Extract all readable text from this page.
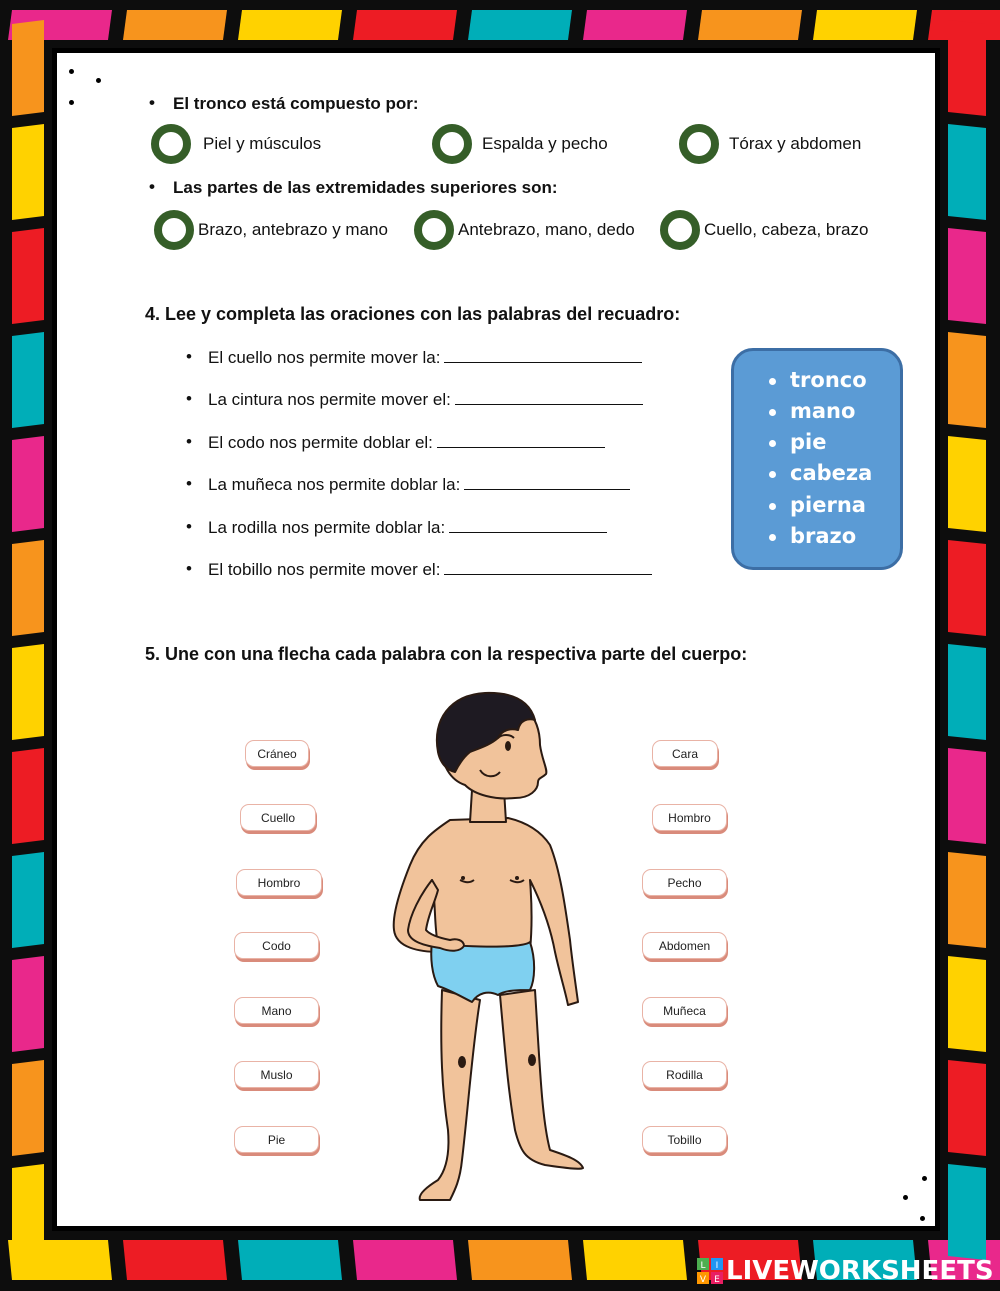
• El tronco está compuesto por:
Piel y músculos	Espalda y pecho	Tórax y abdomen
• Las partes de las extremidades superiores son:
Brazo, antebrazo y mano	Antebrazo, mano, dedo	Cuello, cabeza, brazo
4. Lee y completa las oraciones con las palabras del recuadro:
• El cuello nos permite mover la:
• La cintura nos permite mover el:
• El codo nos permite doblar el:
• La muñeca nos permite doblar la:
• La rodilla nos permite doblar la:
• El tobillo nos permite mover el:
tronco
mano
pie
cabeza
pierna
brazo
5. Une con una flecha cada palabra con la respectiva parte del cuerpo:
Cráneo
Cuello
Hombro
Codo
Mano
Muslo
Pie
Cara
Hombro
Pecho
Abdomen
Muñeca
Rodilla
Tobillo
L I
V E LIVEWORKSHEETS
